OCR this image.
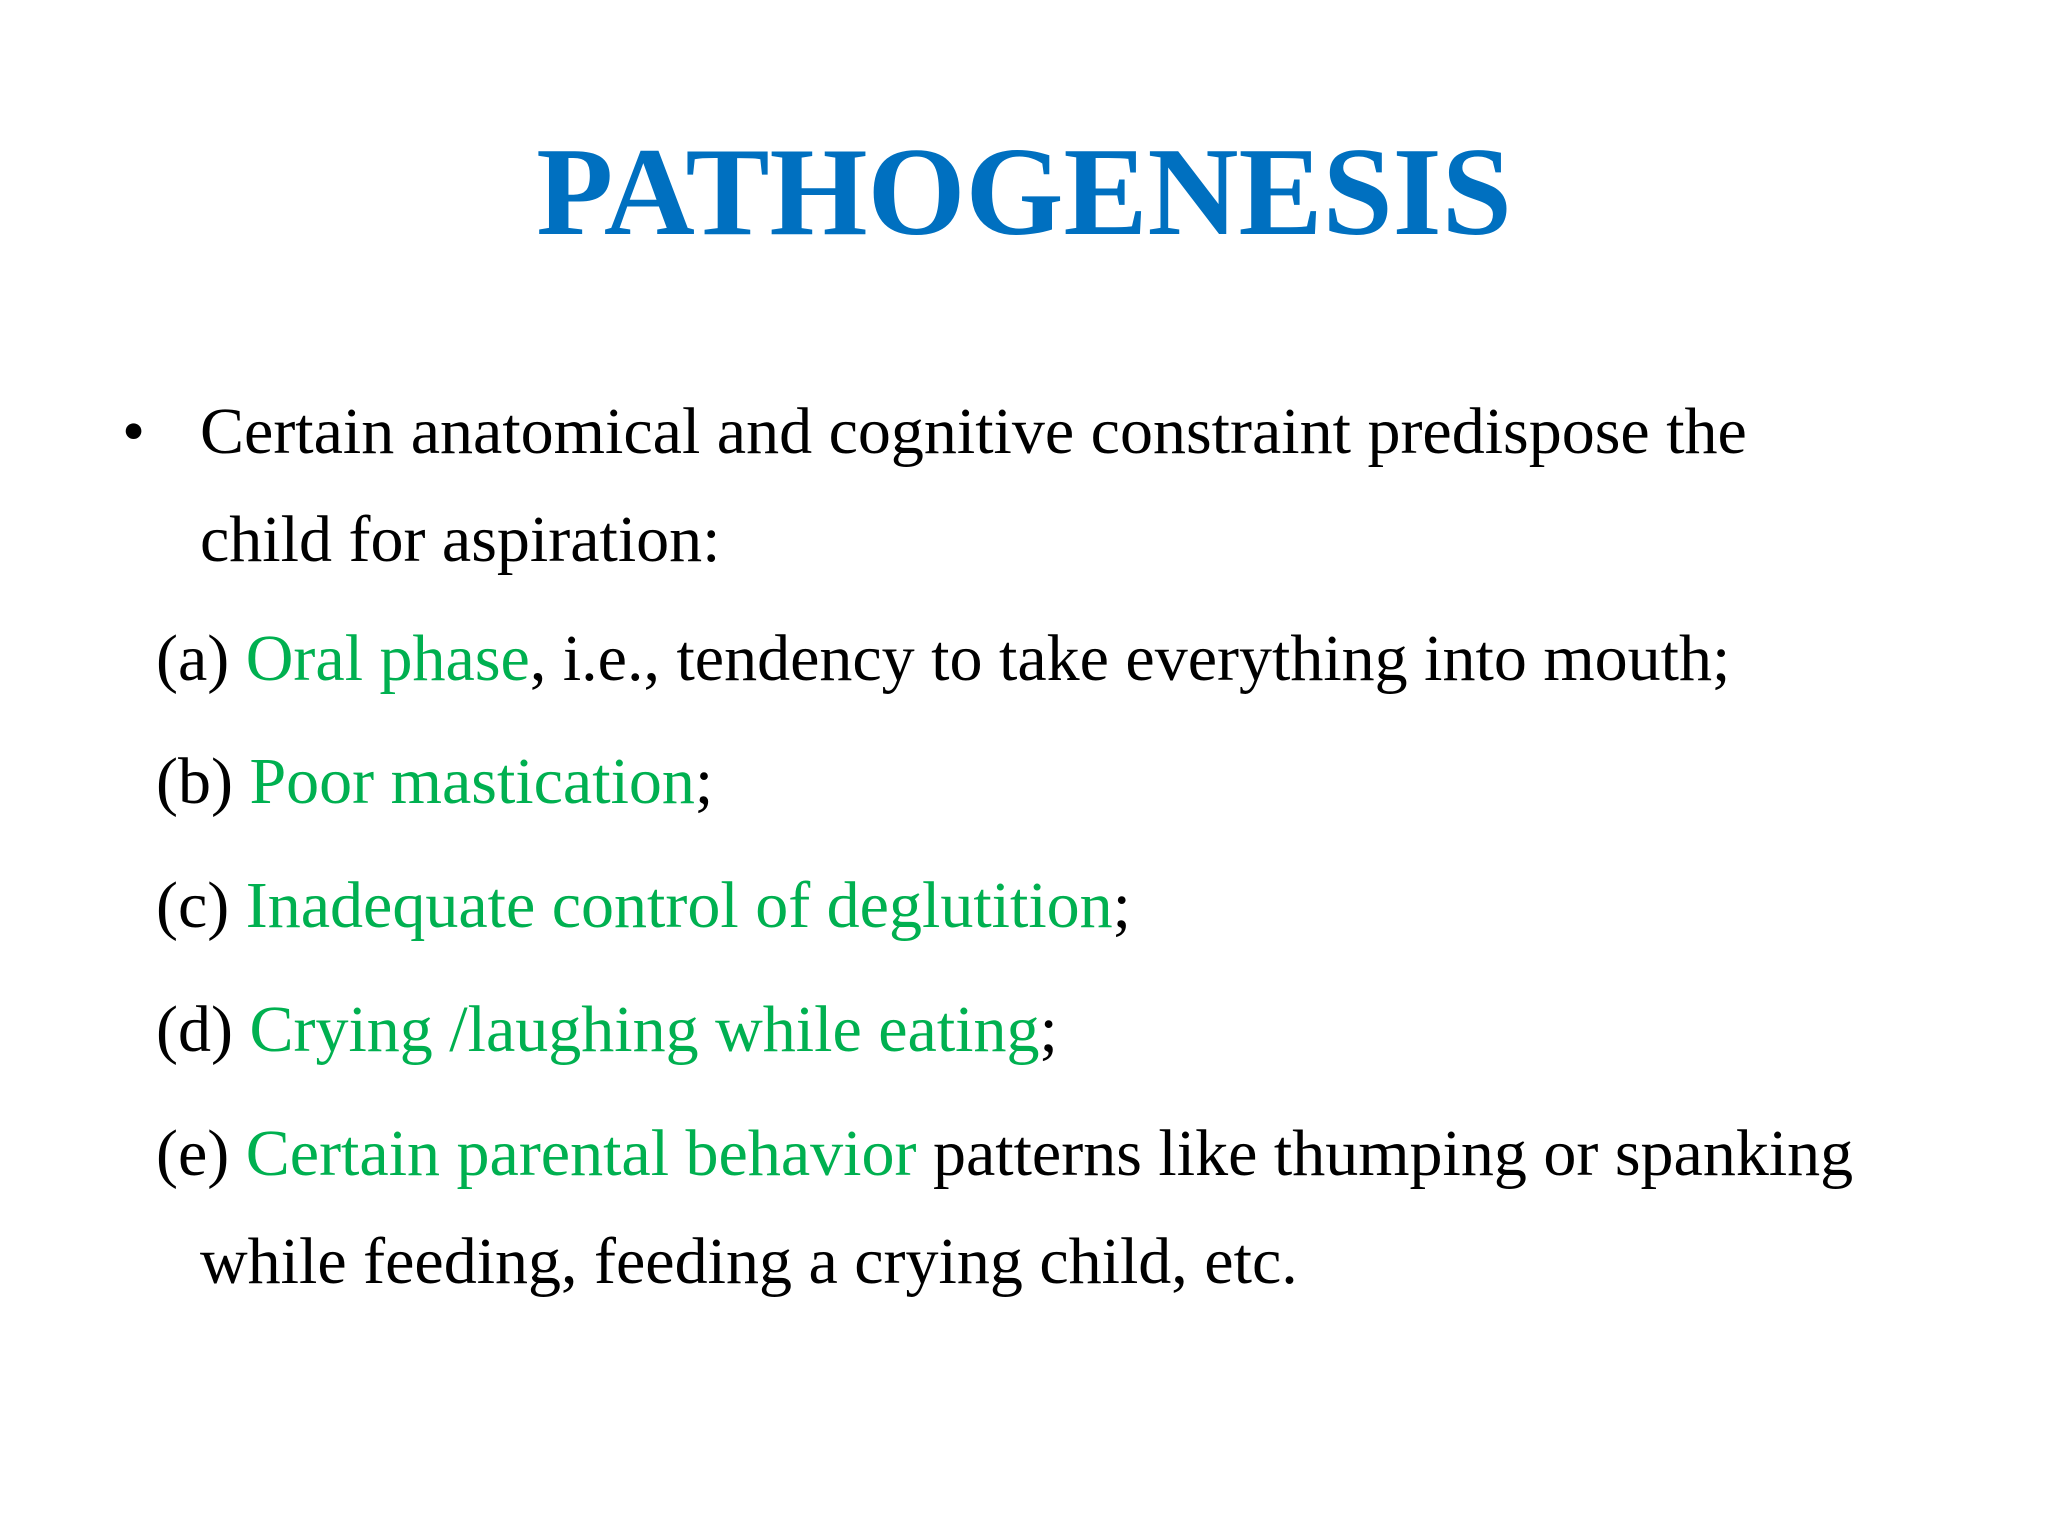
PATHOGENESIS
• Certain anatomical and cognitive constraint predispose the

child for aspiration:

(a) Oral phase, i.e., tendency to take everything into mouth;

(b) Poor mastication;

(c) Inadequate control of deglutition;

(d) Crying /laughing while eating;

(e) Certain parental behavior patterns like thumping or spanking

while feeding, feeding a crying child, etc.
